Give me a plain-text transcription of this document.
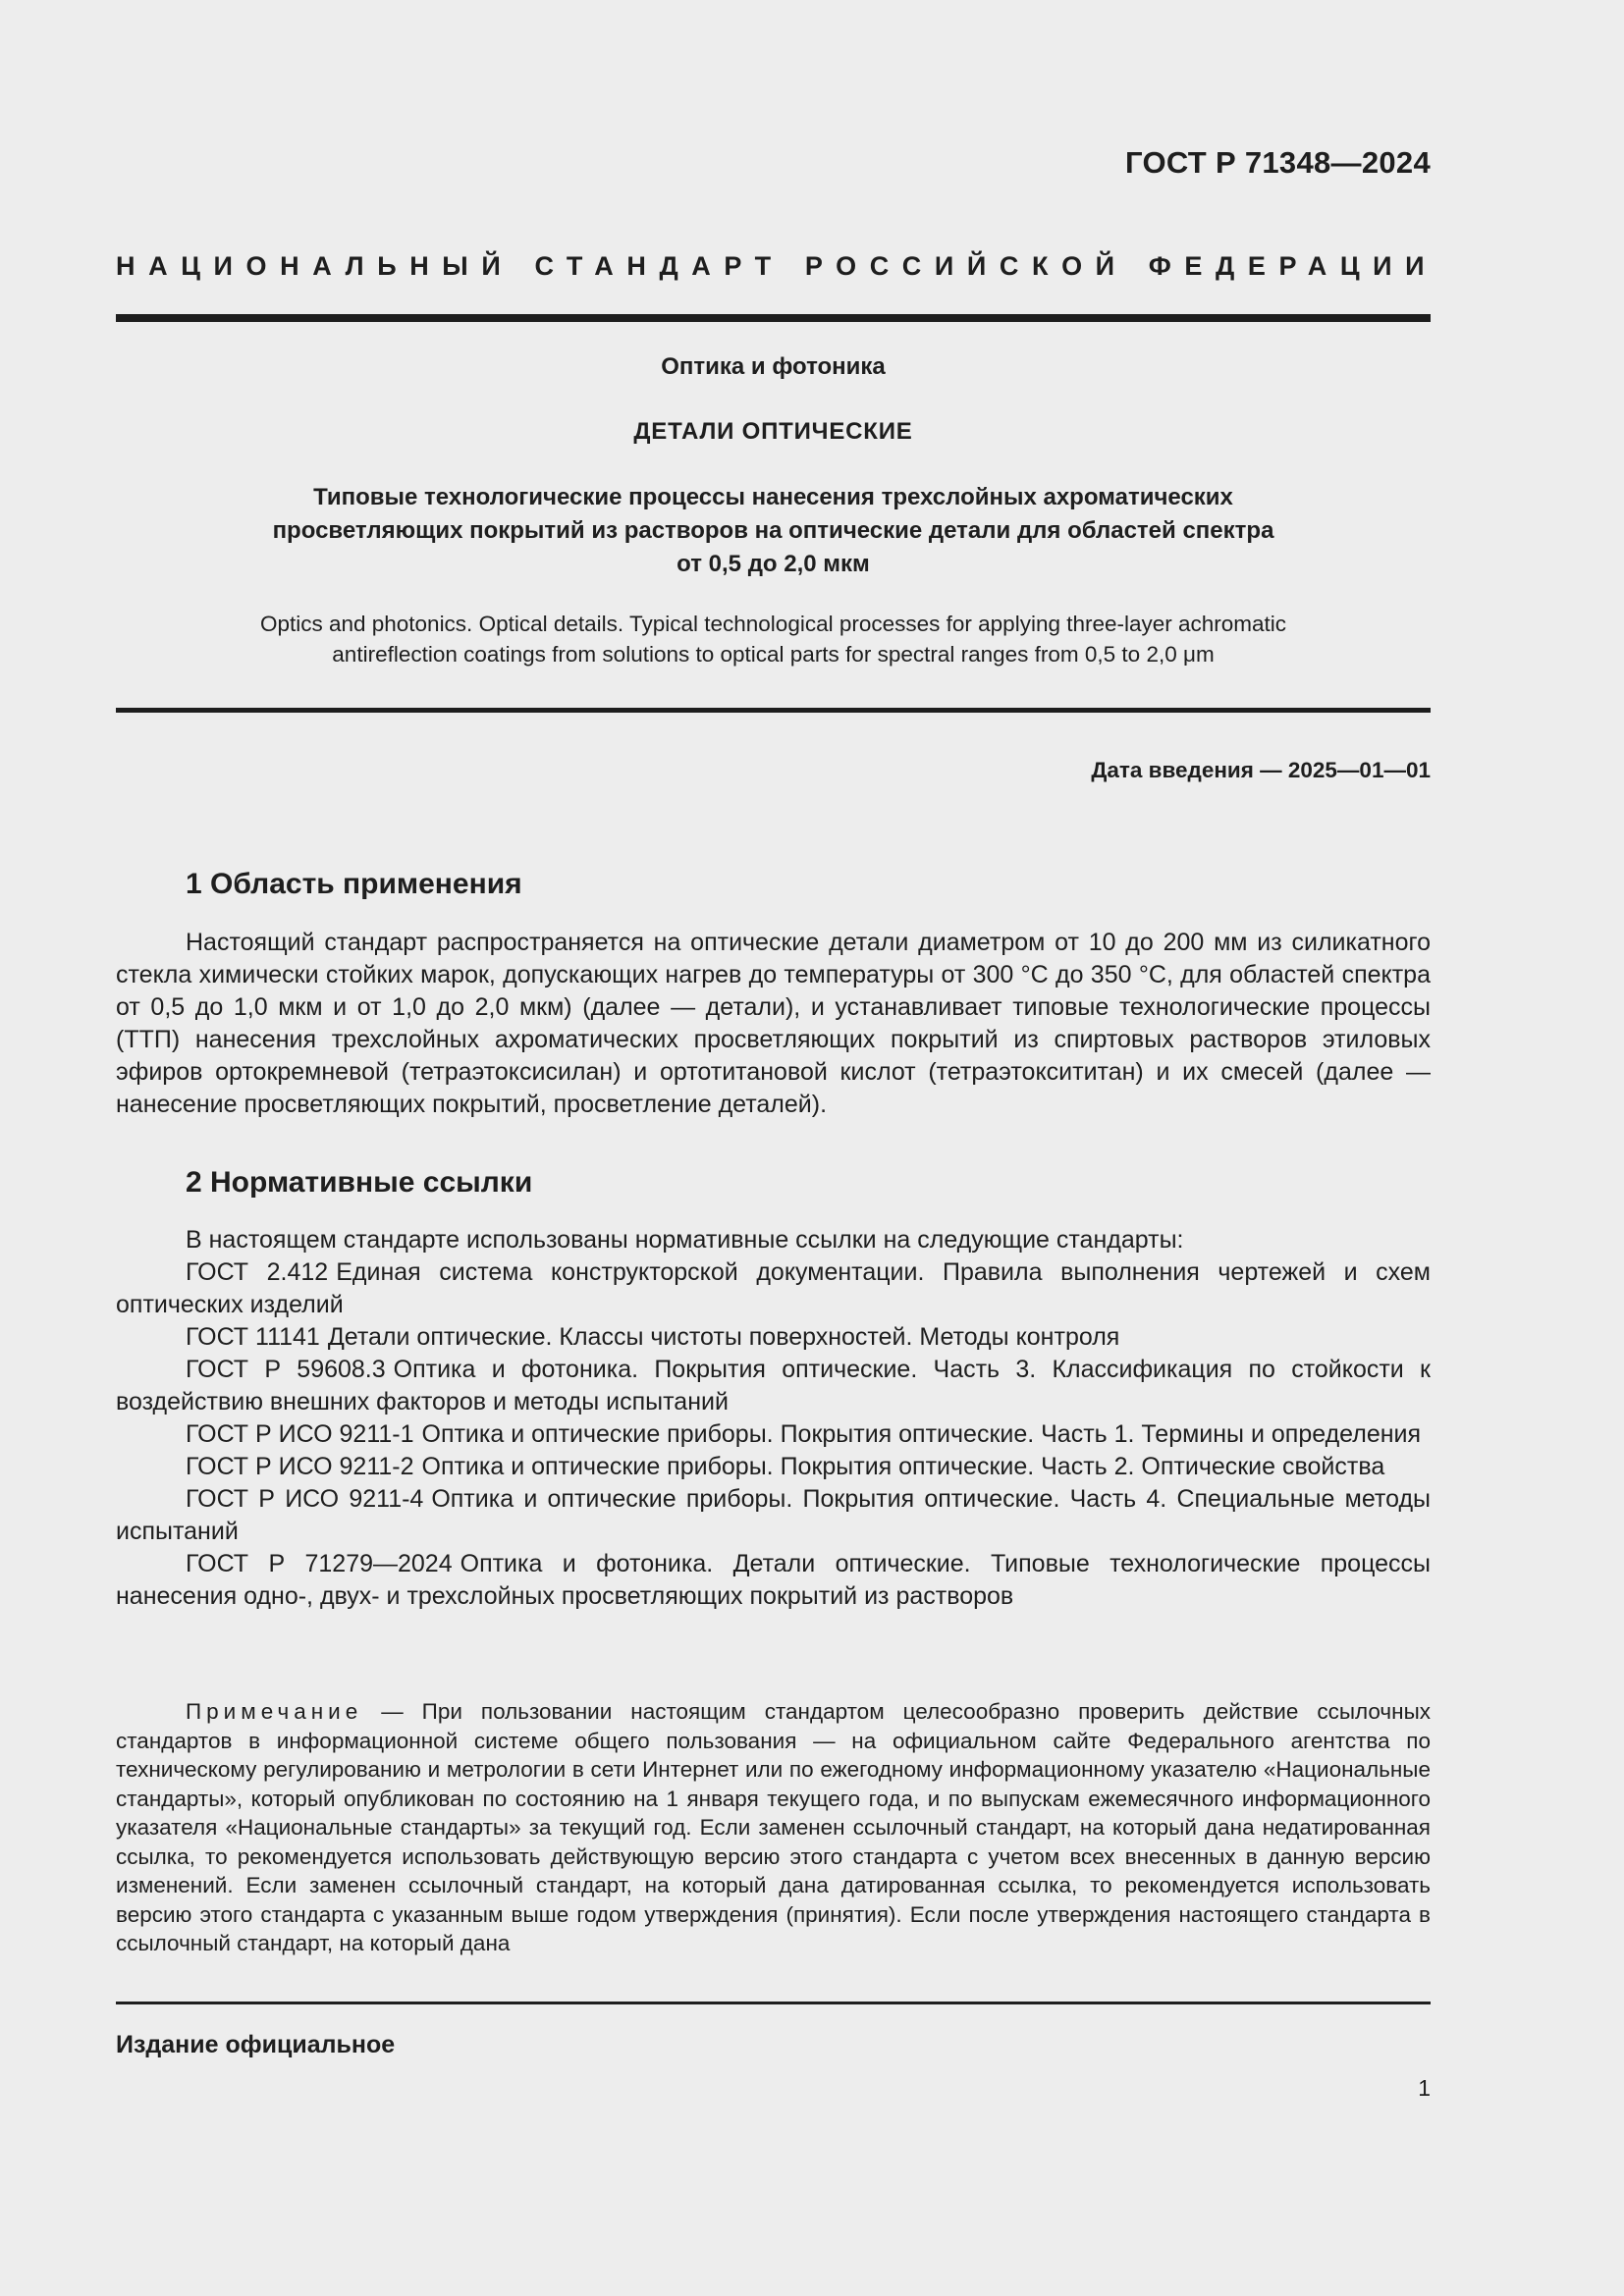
ГОСТ Р 71348—2024
НАЦИОНАЛЬНЫЙ СТАНДАРТ РОССИЙСКОЙ ФЕДЕРАЦИИ
Оптика и фотоника
ДЕТАЛИ ОПТИЧЕСКИЕ
Типовые технологические процессы нанесения трехслойных ахроматических
просветляющих покрытий из растворов на оптические детали для областей спектра
от 0,5 до 2,0 мкм
Optics and photonics. Optical details. Typical technological processes for applying three-layer achromatic
antireflection coatings from solutions to optical parts for spectral ranges from 0,5 to 2,0 μm
Дата введения — 2025—01—01
1 Область применения
Настоящий стандарт распространяется на оптические детали диаметром от 10 до 200 мм из силикатного стекла химически стойких марок, допускающих нагрев до температуры от 300 °С до 350 °С, для областей спектра от 0,5 до 1,0 мкм и от 1,0 до 2,0 мкм) (далее — детали), и устанавливает типовые технологические процессы (ТТП) нанесения трехслойных ахроматических просветляющих покрытий из спиртовых растворов этиловых эфиров ортокремневой (тетраэтоксисилан) и ортотитановой кислот (тетраэтоксититан) и их смесей (далее — нанесение просветляющих покрытий, просветление деталей).
2 Нормативные ссылки

В настоящем стандарте использованы нормативные ссылки на следующие стандарты:

ГОСТ 2.412 Единая система конструкторской документации. Правила выполнения чертежей и схем оптических изделий

ГОСТ 11141 Детали оптические. Классы чистоты поверхностей. Методы контроля

ГОСТ Р 59608.3 Оптика и фотоника. Покрытия оптические. Часть 3. Классификация по стойкости к воздействию внешних факторов и методы испытаний

ГОСТ Р ИСО 9211-1 Оптика и оптические приборы. Покрытия оптические. Часть 1. Термины и определения

ГОСТ Р ИСО 9211-2 Оптика и оптические приборы. Покрытия оптические. Часть 2. Оптические свойства

ГОСТ Р ИСО 9211-4 Оптика и оптические приборы. Покрытия оптические. Часть 4. Специальные методы испытаний

ГОСТ Р 71279—2024 Оптика и фотоника. Детали оптические. Типовые технологические процессы нанесения одно-, двух- и трехслойных просветляющих покрытий из растворов

Примечание — При пользовании настоящим стандартом целесообразно проверить действие ссылочных стандартов в информационной системе общего пользования — на официальном сайте Федерального агентства по техническому регулированию и метрологии в сети Интернет или по ежегодному информационному указателю «Национальные стандарты», который опубликован по состоянию на 1 января текущего года, и по выпускам ежемесячного информационного указателя «Национальные стандарты» за текущий год. Если заменен ссылочный стандарт, на который дана недатированная ссылка, то рекомендуется использовать действующую версию этого стандарта с учетом всех внесенных в данную версию изменений. Если заменен ссылочный стандарт, на который дана датированная ссылка, то рекомендуется использовать версию этого стандарта с указанным выше годом утверждения (принятия). Если после утверждения настоящего стандарта в ссылочный стандарт, на который дана
Издание официальное
1
